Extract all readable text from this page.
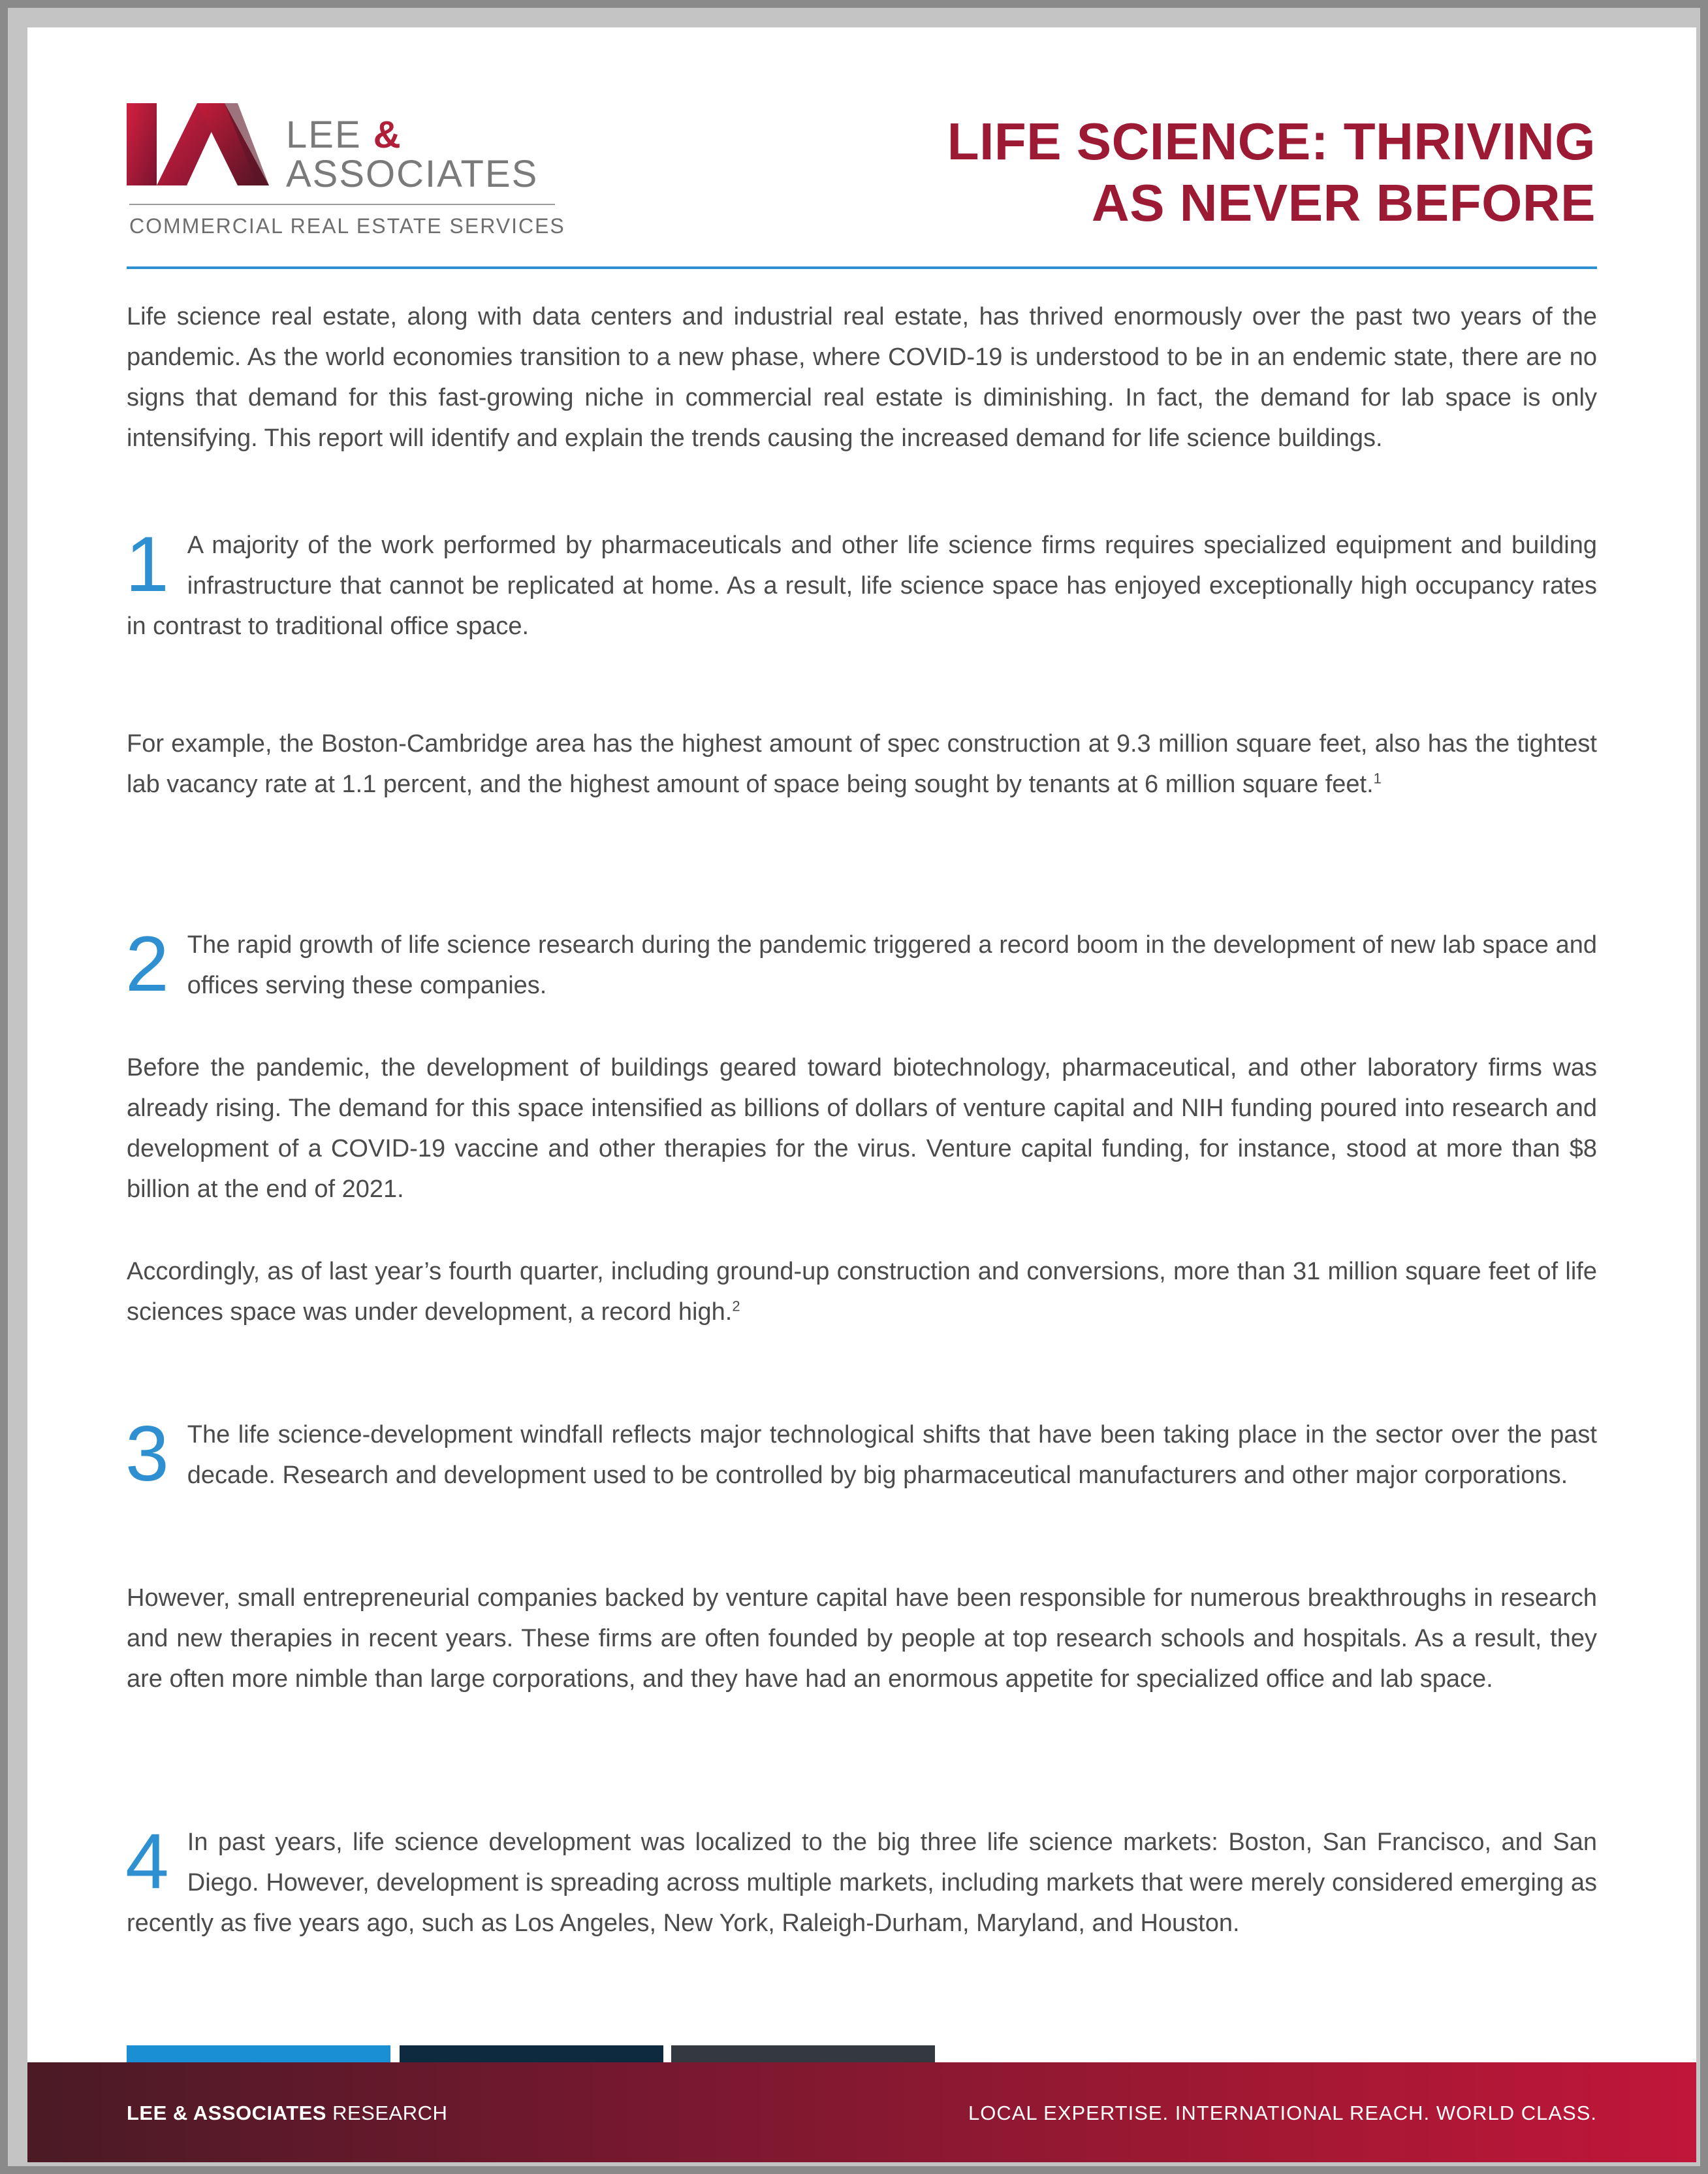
LEE &
ASSOCIATES
COMMERCIAL REAL ESTATE SERVICES
LIFE SCIENCE: THRIVING
AS NEVER BEFORE

Life science real estate, along with data centers and industrial real estate, has thrived enormously over the past two years of the pandemic. As the world economies transition to a new phase, where COVID-19 is understood to be in an endemic state, there are no signs that demand for this fast-growing niche in commercial real estate is diminishing. In fact, the demand for lab space is only intensifying. This report will identify and explain the trends causing the increased demand for life science buildings.

1 A majority of the work performed by pharmaceuticals and other life science firms requires specialized equipment and building infrastructure that cannot be replicated at home. As a result, life science space has enjoyed exceptionally high occupancy rates in contrast to traditional office space.

For example, the Boston-Cambridge area has the highest amount of spec construction at 9.3 million square feet, also has the tightest lab vacancy rate at 1.1 percent, and the highest amount of space being sought by tenants at 6 million square feet.$^1$

2 The rapid growth of life science research during the pandemic triggered a record boom in the development of new lab space and offices serving these companies.

Before the pandemic, the development of buildings geared toward biotechnology, pharmaceutical, and other laboratory firms was already rising. The demand for this space intensified as billions of dollars of venture capital and NIH funding poured into research and development of a COVID-19 vaccine and other therapies for the virus. Venture capital funding, for instance, stood at more than $8 billion at the end of 2021.

Accordingly, as of last year’s fourth quarter, including ground-up construction and conversions, more than 31 million square feet of life sciences space was under development, a record high.$^2$

3 The life science-development windfall reflects major technological shifts that have been taking place in the sector over the past decade. Research and development used to be controlled by big pharmaceutical manufacturers and other major corporations.

However, small entrepreneurial companies backed by venture capital have been responsible for numerous breakthroughs in research and new therapies in recent years. These firms are often founded by people at top research schools and hospitals. As a result, they are often more nimble than large corporations, and they have had an enormous appetite for specialized office and lab space.

4 In past years, life science development was localized to the big three life science markets: Boston, San Francisco, and San Diego. However, development is spreading across multiple markets, including markets that were merely considered emerging as recently as five years ago, such as Los Angeles, New York, Raleigh-Durham, Maryland, and Houston.
LEE & ASSOCIATES RESEARCH	LOCAL EXPERTISE. INTERNATIONAL REACH. WORLD CLASS.
